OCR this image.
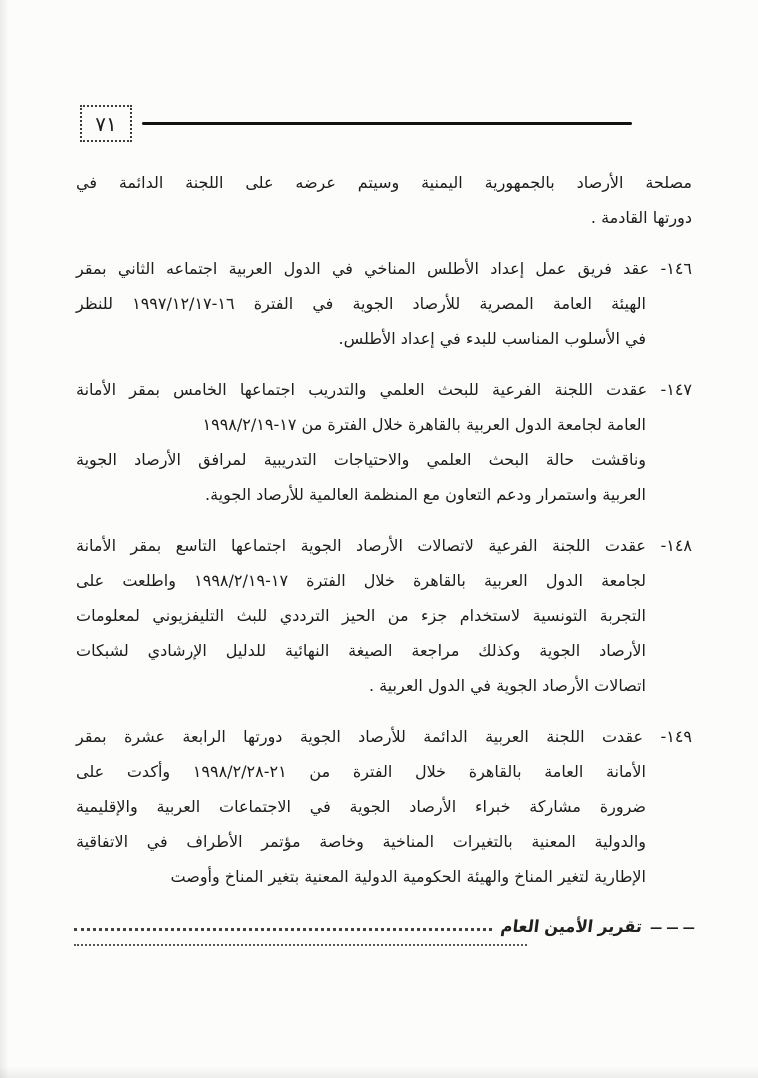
٧١
مصلحة الأرصاد بالجمهورية اليمنية وسيتم عرضه على اللجنة الدائمة في
دورتها القادمة .
١٤٦- عقد فريق عمل إعداد الأطلس المناخي في الدول العربية اجتماعه الثاني بمقر
الهيئة العامة المصرية للأرصاد الجوية في الفترة ١٦-١٩٩٧/١٢/١٧ للنظر
في الأسلوب المناسب للبدء في إعداد الأطلس.
١٤٧- عقدت اللجنة الفرعية للبحث العلمي والتدريب اجتماعها الخامس بمقر الأمانة
العامة لجامعة الدول العربية بالقاهرة خلال الفترة من ١٧-١٩٩٨/٢/١٩
وناقشت حالة البحث العلمي والاحتياجات التدريبية لمرافق الأرصاد الجوية
العربية واستمرار ودعم التعاون مع المنظمة العالمية للأرصاد الجوية.
١٤٨- عقدت اللجنة الفرعية لاتصالات الأرصاد الجوية اجتماعها التاسع بمقر الأمانة
لجامعة الدول العربية بالقاهرة خلال الفترة ١٧-١٩٩٨/٢/١٩ واطلعت على
التجربة التونسية لاستخدام جزء من الحيز الترددي للبث التليفزيوني لمعلومات
الأرصاد الجوية وكذلك مراجعة الصيغة النهائية للدليل الإرشادي لشبكات
اتصالات الأرصاد الجوية في الدول العربية .
١٤٩- عقدت اللجنة العربية الدائمة للأرصاد الجوية دورتها الرابعة عشرة بمقر
الأمانة العامة بالقاهرة خلال الفترة من ٢١-١٩٩٨/٢/٢٨ وأكدت على
ضرورة مشاركة خبراء الأرصاد الجوية في الاجتماعات العربية والإقليمية
والدولية المعنية بالتغيرات المناخية وخاصة مؤتمر الأطراف في الاتفاقية
الإطارية لتغير المناخ والهيئة الحكومية الدولية المعنية بتغير المناخ وأوصت
ــ ــ ــ
تقرير الأمين العام
